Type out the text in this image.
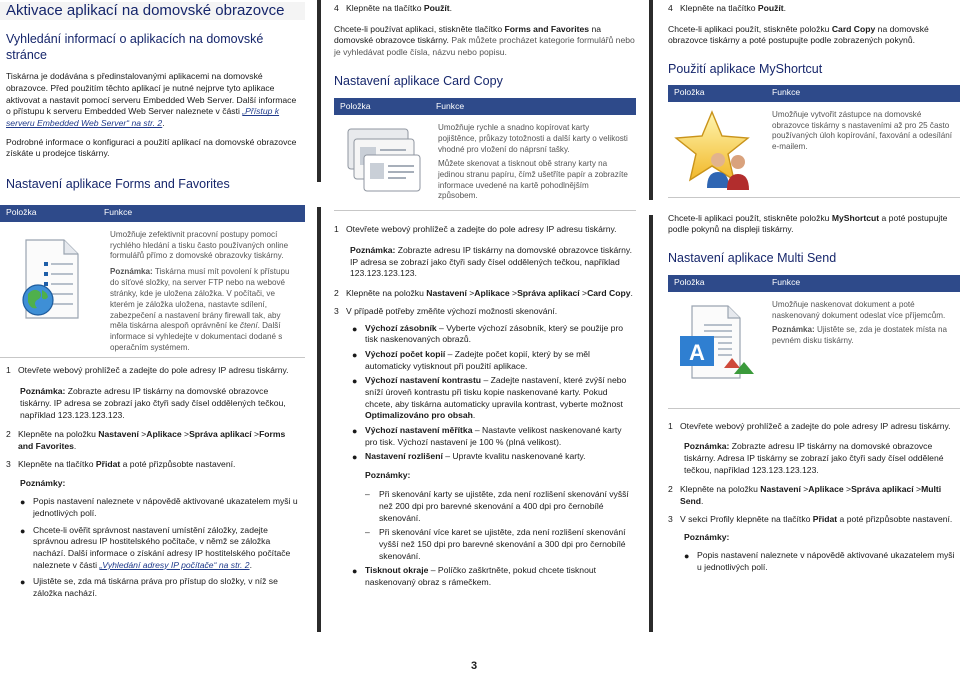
Aktivace aplikací na domovské obrazovce
Vyhledání informací o aplikacích na domovské stránce

Tiskárna je dodávána s předinstalovanými aplikacemi na domovské obrazovce. Před použitím těchto aplikací je nutné nejprve tyto aplikace aktivovat a nastavit pomocí serveru Embedded Web Server. Další informace o přístupu k serveru Embedded Web Server naleznete v části „Přístup k serveru Embedded Web Server“ na str. 2.

Podrobné informace o konfiguraci a použití aplikací na domovské obrazovce získáte u prodejce tiskárny.

Nastavení aplikace Forms and Favorites
Položka	Funkce

Umožňuje zefektivnit pracovní postupy pomocí rychlého hledání a tisku často používaných online formulářů přímo z domovské obrazovky tiskárny.

Poznámka: Tiskárna musí mít povolení k přístupu do síťové složky, na server FTP nebo na webové stránky, kde je uložena záložka. V počítači, ve kterém je záložka uložena, nastavte sdílení, zabezpečení a nastavení brány firewall tak, aby měla tiskárna alespoň oprávnění ke čtení. Další informace si vyhledejte v dokumentaci dodané s operačním systémem.

1 Otevřete webový prohlížeč a zadejte do pole adresy IP adresu tiskárny.

Poznámka: Zobrazte adresu IP tiskárny na domovské obrazovce tiskárny. IP adresa se zobrazí jako čtyři sady čísel oddělených tečkou, například 123.123.123.123.

2 Klepněte na položku Nastavení >Aplikace >Správa aplikací >Forms and Favorites.
3 Klepněte na tlačítko Přidat a poté přizpůsobte nastavení.

Poznámky:

● Popis nastavení naleznete v nápovědě aktivované ukazatelem myši u jednotlivých polí.
● Chcete-li ověřit správnost nastavení umístění záložky, zadejte správnou adresu IP hostitelského počítače, v němž se záložka nachází. Další informace o získání adresy IP hostitelského počítače naleznete v části „Vyhledání adresy IP počítače“ na str. 2.
● Ujistěte se, zda má tiskárna práva pro přístup do složky, v níž se záložka nachází.
4 Klepněte na tlačítko Použít.

Chcete-li používat aplikaci, stiskněte tlačítko Forms and Favorites na domovské obrazovce tiskárny. Pak můžete procházet kategorie formulářů nebo je vyhledávat podle čísla, názvu nebo popisu.

Nastavení aplikace Card Copy
Položka	Funkce

Umožňuje rychle a snadno kopírovat karty pojištěnce, průkazy totožnosti a další karty o velikosti vhodné pro vložení do náprsní tašky.

Můžete skenovat a tisknout obě strany karty na jedinou stranu papíru, čímž ušetříte papír a zobrazíte informace uvedené na kartě pohodlnějším způsobem.

1 Otevřete webový prohlížeč a zadejte do pole adresy IP adresu tiskárny.

Poznámka: Zobrazte adresu IP tiskárny na domovské obrazovce tiskárny. IP adresa se zobrazí jako čtyři sady čísel oddělených tečkou, například 123.123.123.123.

2 Klepněte na položku Nastavení >Aplikace >Správa aplikací >Card Copy.
3 V případě potřeby změňte výchozí možnosti skenování.
● Výchozí zásobník – Vyberte výchozí zásobník, který se použije pro tisk naskenovaných obrazů.
● Výchozí počet kopií – Zadejte počet kopií, který by se měl automaticky vytisknout při použití aplikace.
● Výchozí nastavení kontrastu – Zadejte nastavení, které zvýší nebo sníží úroveň kontrastu při tisku kopie naskenované karty. Pokud chcete, aby tiskárna automaticky upravila kontrast, vyberte možnost Optimalizováno pro obsah.
● Výchozí nastavení měřítka – Nastavte velikost naskenované karty pro tisk. Výchozí nastavení je 100 % (plná velikost).
● Nastavení rozlišení – Upravte kvalitu naskenované karty.

Poznámky:

–	Při skenování karty se ujistěte, zda není rozlišení skenování vyšší než 200 dpi pro barevné skenování a 400 dpi pro černobílé skenování.
–	Při skenování více karet se ujistěte, zda není rozlišení skenování vyšší než 150 dpi pro barevné skenování a 300 dpi pro černobílé skenování.
● Tisknout okraje – Políčko zaškrtněte, pokud chcete tisknout naskenovaný obraz s rámečkem.
4 Klepněte na tlačítko Použít.

Chcete-li aplikaci použít, stiskněte položku Card Copy na domovské obrazovce tiskárny a poté postupujte podle zobrazených pokynů.

Použití aplikace MyShortcut
Položka	Funkce

Umožňuje vytvořit zástupce na domovské obrazovce tiskárny s nastaveními až pro 25 často používaných úloh kopírování, faxování a odesílání e-mailem.

Chcete-li aplikaci použít, stiskněte položku MyShortcut a poté postupujte podle pokynů na displeji tiskárny.

Nastavení aplikace Multi Send
Položka	Funkce
A

Umožňuje naskenovat dokument a poté naskenovaný dokument odeslat více příjemcům.

Poznámka: Ujistěte se, zda je dostatek místa na pevném disku tiskárny.

1 Otevřete webový prohlížeč a zadejte do pole adresy IP adresu tiskárny.

Poznámka: Zobrazte adresu IP tiskárny na domovské obrazovce tiskárny. Adresa IP tiskárny se zobrazí jako čtyři sady čísel oddělené tečkou, například 123.123.123.123.

2 Klepněte na položku Nastavení >Aplikace >Správa aplikací >Multi Send.
3 V sekci Profily klepněte na tlačítko Přidat a poté přizpůsobte nastavení.

Poznámky:

● Popis nastavení naleznete v nápovědě aktivované ukazatelem myši u jednotlivých polí.
3
